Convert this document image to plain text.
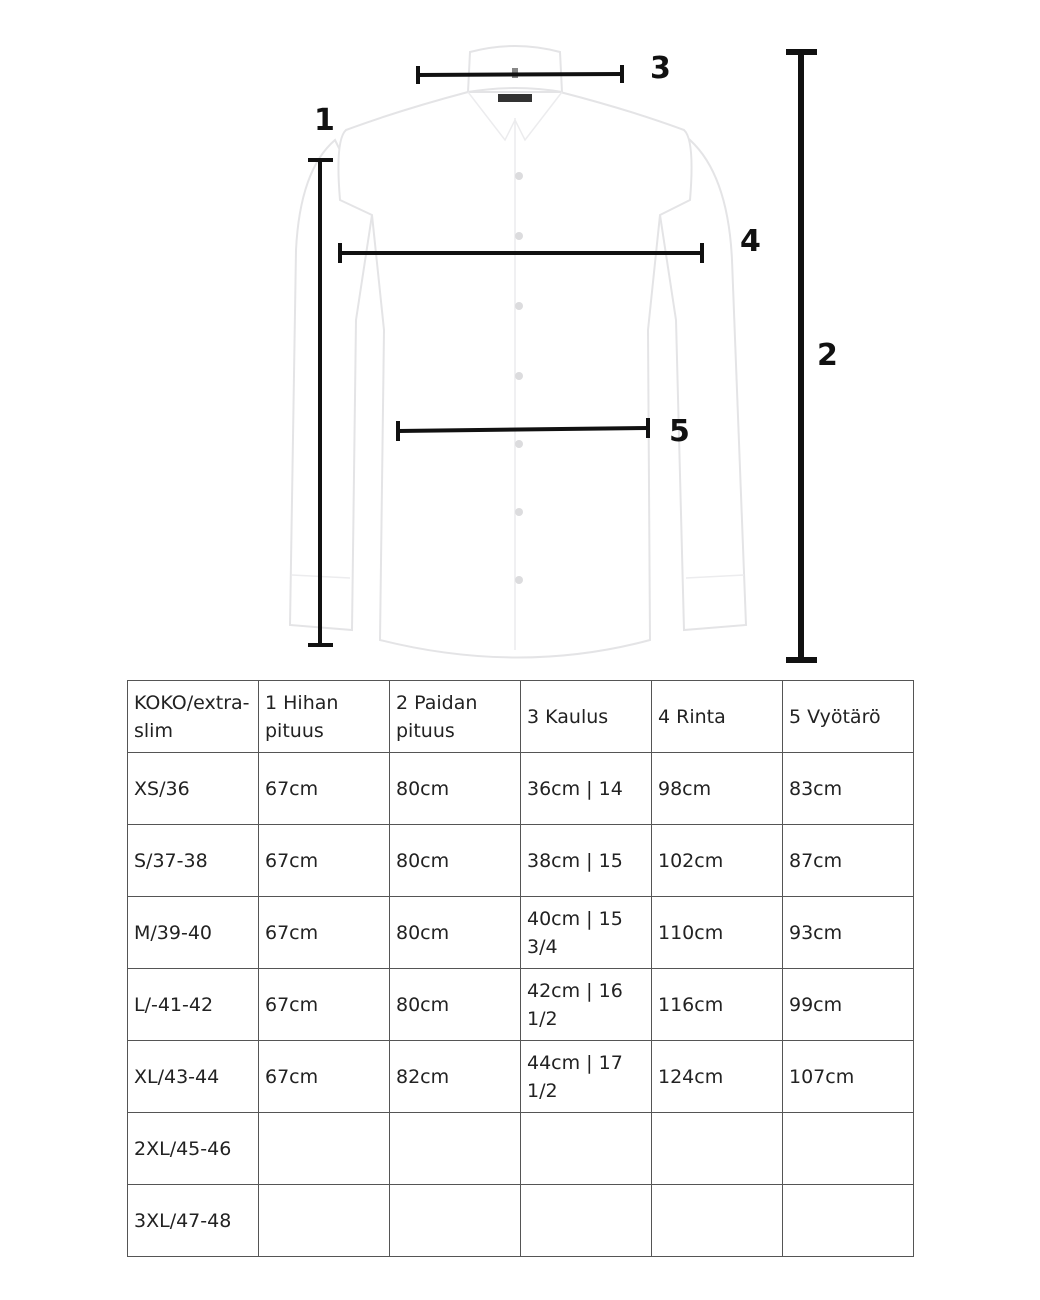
1
2
3
4
5
KOKO/extra-slim	1 Hihan pituus	2 Paidan pituus	3 Kaulus	4 Rinta	5 Vyötärö
XS/36	67cm	80cm	36cm | 14	98cm	83cm
S/37-38	67cm	80cm	38cm | 15	102cm	87cm
M/39-40	67cm	80cm	40cm | 15 3/4	110cm	93cm
L/-41-42	67cm	80cm	42cm | 16 1/2	116cm	99cm
XL/43-44	67cm	82cm	44cm | 17 1/2	124cm	107cm
2XL/45-46					
3XL/47-48					
